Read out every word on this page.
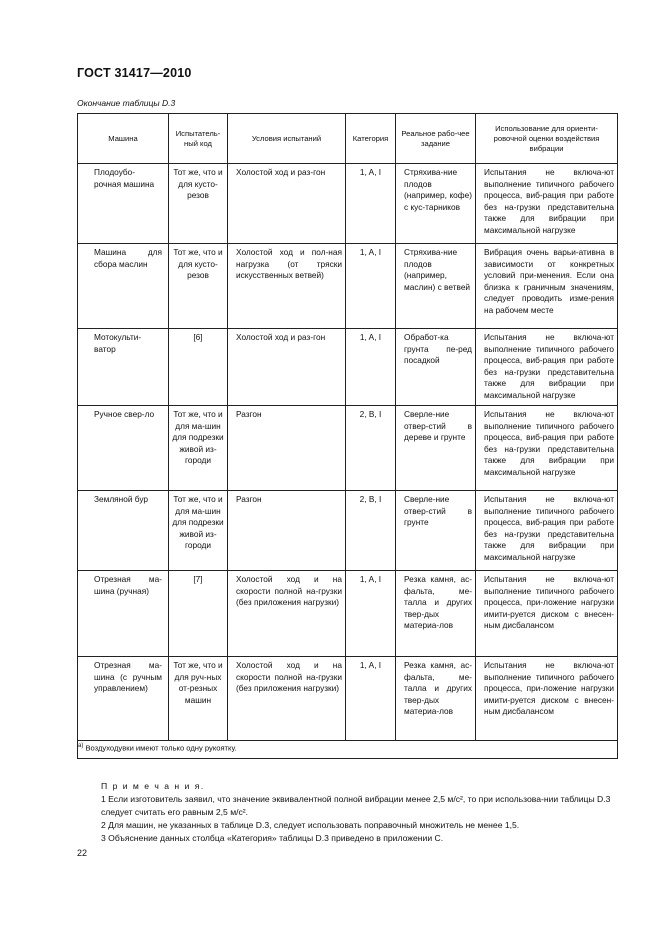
ГОСТ 31417—2010
Окончание таблицы D.3
Машина	Испытатель-ный код	Условия испытаний	Категория	Реальное рабо-чее задание	Использование для ориенти-ровочной оценки воздействия вибрации

Плодоубо-рочная машина	Тот же, что и для кусто-резов	Холостой ход и раз-гон	1, A, I	Стряхива-ние плодов (например, кофе) с кус-тарников	Испытания не включа-ют выполнение типичного рабочего процесса, виб-рация при работе без на-грузки представительна также для вибрации при максимальной нагрузке

Машина для сбора маслин	Тот же, что и для кусто-резов	Холостой ход и пол-ная нагрузка (от тряски искусственных ветвей)	1, A, I	Стряхива-ние плодов (например, маслин) с ветвей	Вибрация очень варьи-ативна в зависимости от конкретных условий при-менения. Если она близка к граничным значениям, следует проводить изме-рения на рабочем месте

Мотокульти-ватор	[6]	Холостой ход и раз-гон	1, A, I	Обработ-ка грунта пе-ред посадкой	Испытания не включа-ют выполнение типичного рабочего процесса, виб-рация при работе без на-грузки представительна также для вибрации при максимальной нагрузке

Ручное свер-ло	Тот же, что и для ма-шин для подрезки живой из-городи	Разгон	2, B, I	Сверле-ние отвер-стий в дереве и грунте	Испытания не включа-ют выполнение типичного рабочего процесса, виб-рация при работе без на-грузки представительна также для вибрации при максимальной нагрузке

Земляной бур	Тот же, что и для ма-шин для подрезки живой из-городи	Разгон	2, B, I	Сверле-ние отвер-стий в грунте	Испытания не включа-ют выполнение типичного рабочего процесса, виб-рация при работе без на-грузки представительна также для вибрации при максимальной нагрузке

Отрезная ма-шина (ручная)	[7]	Холостой ход и на скорости полной на-грузки (без приложения нагрузки)	1, A, I	Резка камня, ас-фальта, ме-талла и других твер-дых материа-лов	Испытания не включа-ют выполнение типичного рабочего процесса, при-ложение нагрузки имити-руется диском с внесен-ным дисбалансом

Отрезная ма-шина (с ручным управлением)	Тот же, что и для руч-ных от-резных машин	Холостой ход и на скорости полной на-грузки (без приложения нагрузки)	1, A, I	Резка камня, ас-фальта, ме-талла и других твер-дых материа-лов	Испытания не включа-ют выполнение типичного рабочего процесса, при-ложение нагрузки имити-руется диском с внесен-ным дисбалансом

$^{а)}$ Воздуходувки имеют только одну рукоятку.					
П р и м е ч а н и я.
1 Если изготовитель заявил, что значение эквивалентной полной вибрации менее 2,5 м/с², то при использова-нии таблицы D.3 следует считать его равным 2,5 м/с².
2 Для машин, не указанных в таблице D.3, следует использовать поправочный множитель не менее 1,5.
3 Объяснение данных столбца «Категория» таблицы D.3 приведено в приложении C.
22
